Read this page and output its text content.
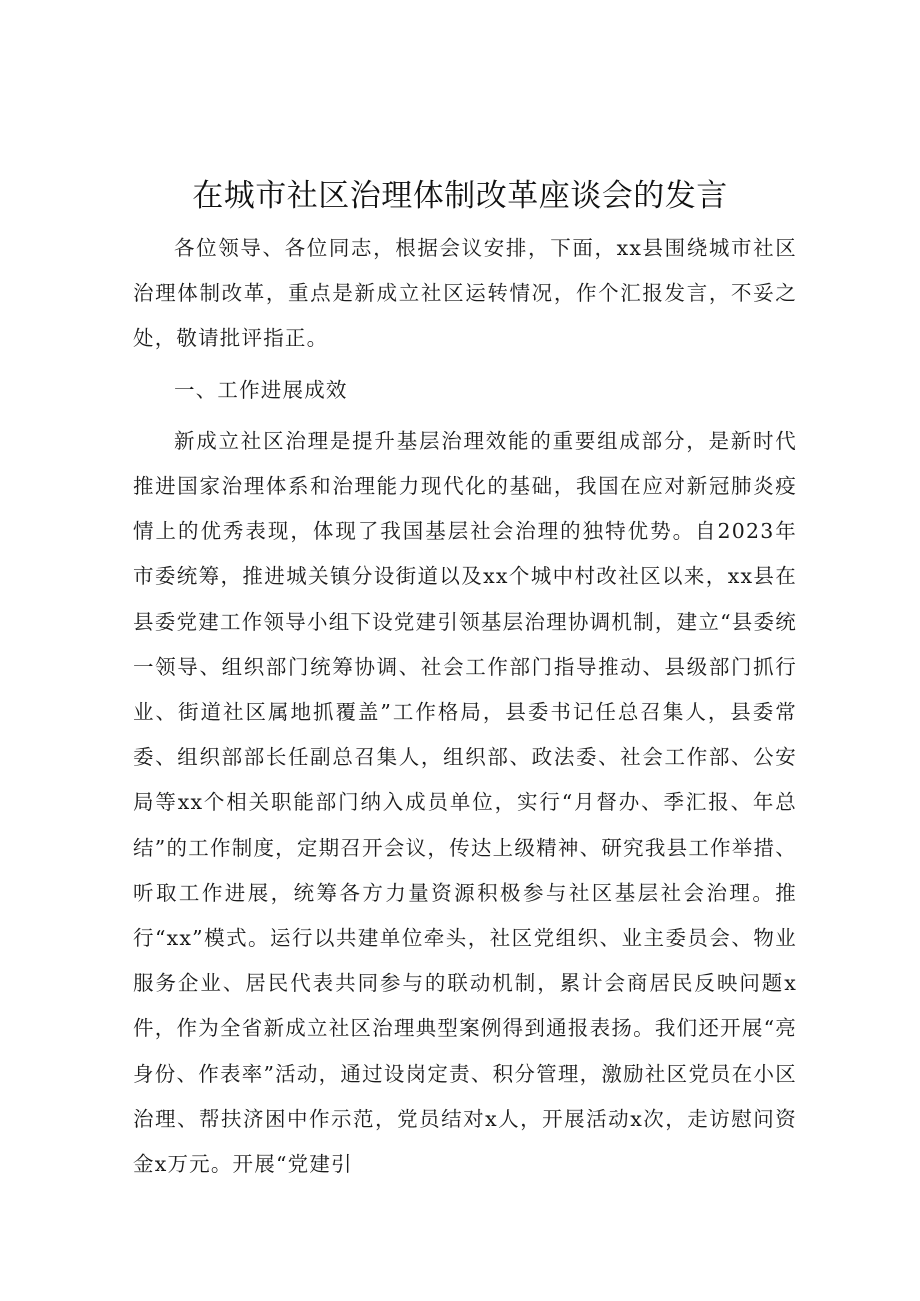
在城市社区治理体制改革座谈会的发言

各位领导、各位同志，根据会议安排，下面，xx县围绕城市社区治理体制改革，重点是新成立社区运转情况，作个汇报发言，不妥之处，敬请批评指正。

一、工作进展成效

新成立社区治理是提升基层治理效能的重要组成部分，是新时代推进国家治理体系和治理能力现代化的基础，我国在应对新冠肺炎疫情上的优秀表现，体现了我国基层社会治理的独特优势。自2023年市委统筹，推进城关镇分设街道以及xx个城中村改社区以来，xx县在县委党建工作领导小组下设党建引领基层治理协调机制，建立“县委统一领导、组织部门统筹协调、社会工作部门指导推动、县级部门抓行业、街道社区属地抓覆盖”工作格局，县委书记任总召集人，县委常委、组织部部长任副总召集人，组织部、政法委、社会工作部、公安局等xx个相关职能部门纳入成员单位，实行“月督办、季汇报、年总结”的工作制度，定期召开会议，传达上级精神、研究我县工作举措、听取工作进展，统筹各方力量资源积极参与社区基层社会治理。推行“xx”模式。运行以共建单位牵头，社区党组织、业主委员会、物业服务企业、居民代表共同参与的联动机制，累计会商居民反映问题x件，作为全省新成立社区治理典型案例得到通报表扬。我们还开展“亮身份、作表率”活动，通过设岗定责、积分管理，激励社区党员在小区治理、帮扶济困中作示范，党员结对x人，开展活动x次，走访慰问资金x万元。开展“党建引
